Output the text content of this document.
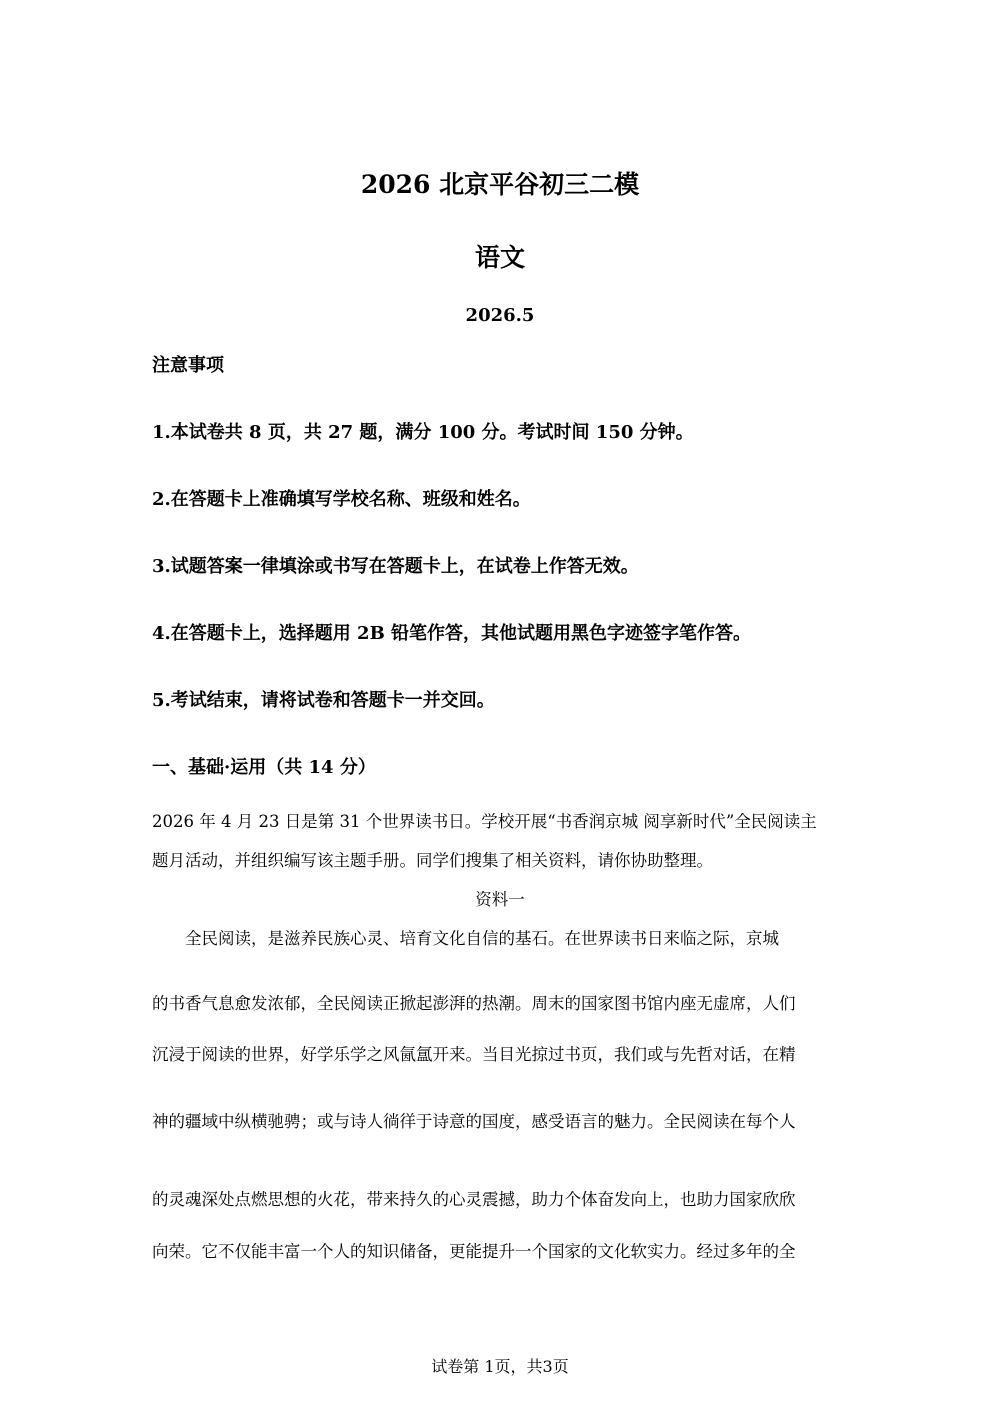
2026 北京平谷初三二模
语文
2026.5
注意事项
1.本试卷共 8 页，共 27 题，满分 100 分。考试时间 150 分钟。
2.在答题卡上准确填写学校名称、班级和姓名。
3.试题答案一律填涂或书写在答题卡上，在试卷上作答无效。
4.在答题卡上，选择题用 2B 铅笔作答，其他试题用黑色字迹签字笔作答。
5.考试结束，请将试卷和答题卡一并交回。
一、基础·运用（共 14 分）
2026 年 4 月 23 日是第 31 个世界读书日。学校开展“书香润京城 阅享新时代”全民阅读主
题月活动，并组织编写该主题手册。同学们搜集了相关资料，请你协助整理。
资料一
　　全民阅读，是滋养民族心灵、培育文化自信的基石。在世界读书日来临之际，京城
的书香气息愈发浓郁，全民阅读正掀起澎湃的热潮。周末的国家图书馆内座无虚席，人们
沉浸于阅读的世界，好学乐学之风氤氲开来。当目光掠过书页，我们或与先哲对话，在精
神的疆域中纵横驰骋；或与诗人徜徉于诗意的国度，感受语言的魅力。全民阅读在每个人
的灵魂深处点燃思想的火花，带来持久的心灵震撼，助力个体奋发向上，也助力国家欣欣
向荣。它不仅能丰富一个人的知识储备，更能提升一个国家的文化软实力。经过多年的全
试卷第 1页，共3页
